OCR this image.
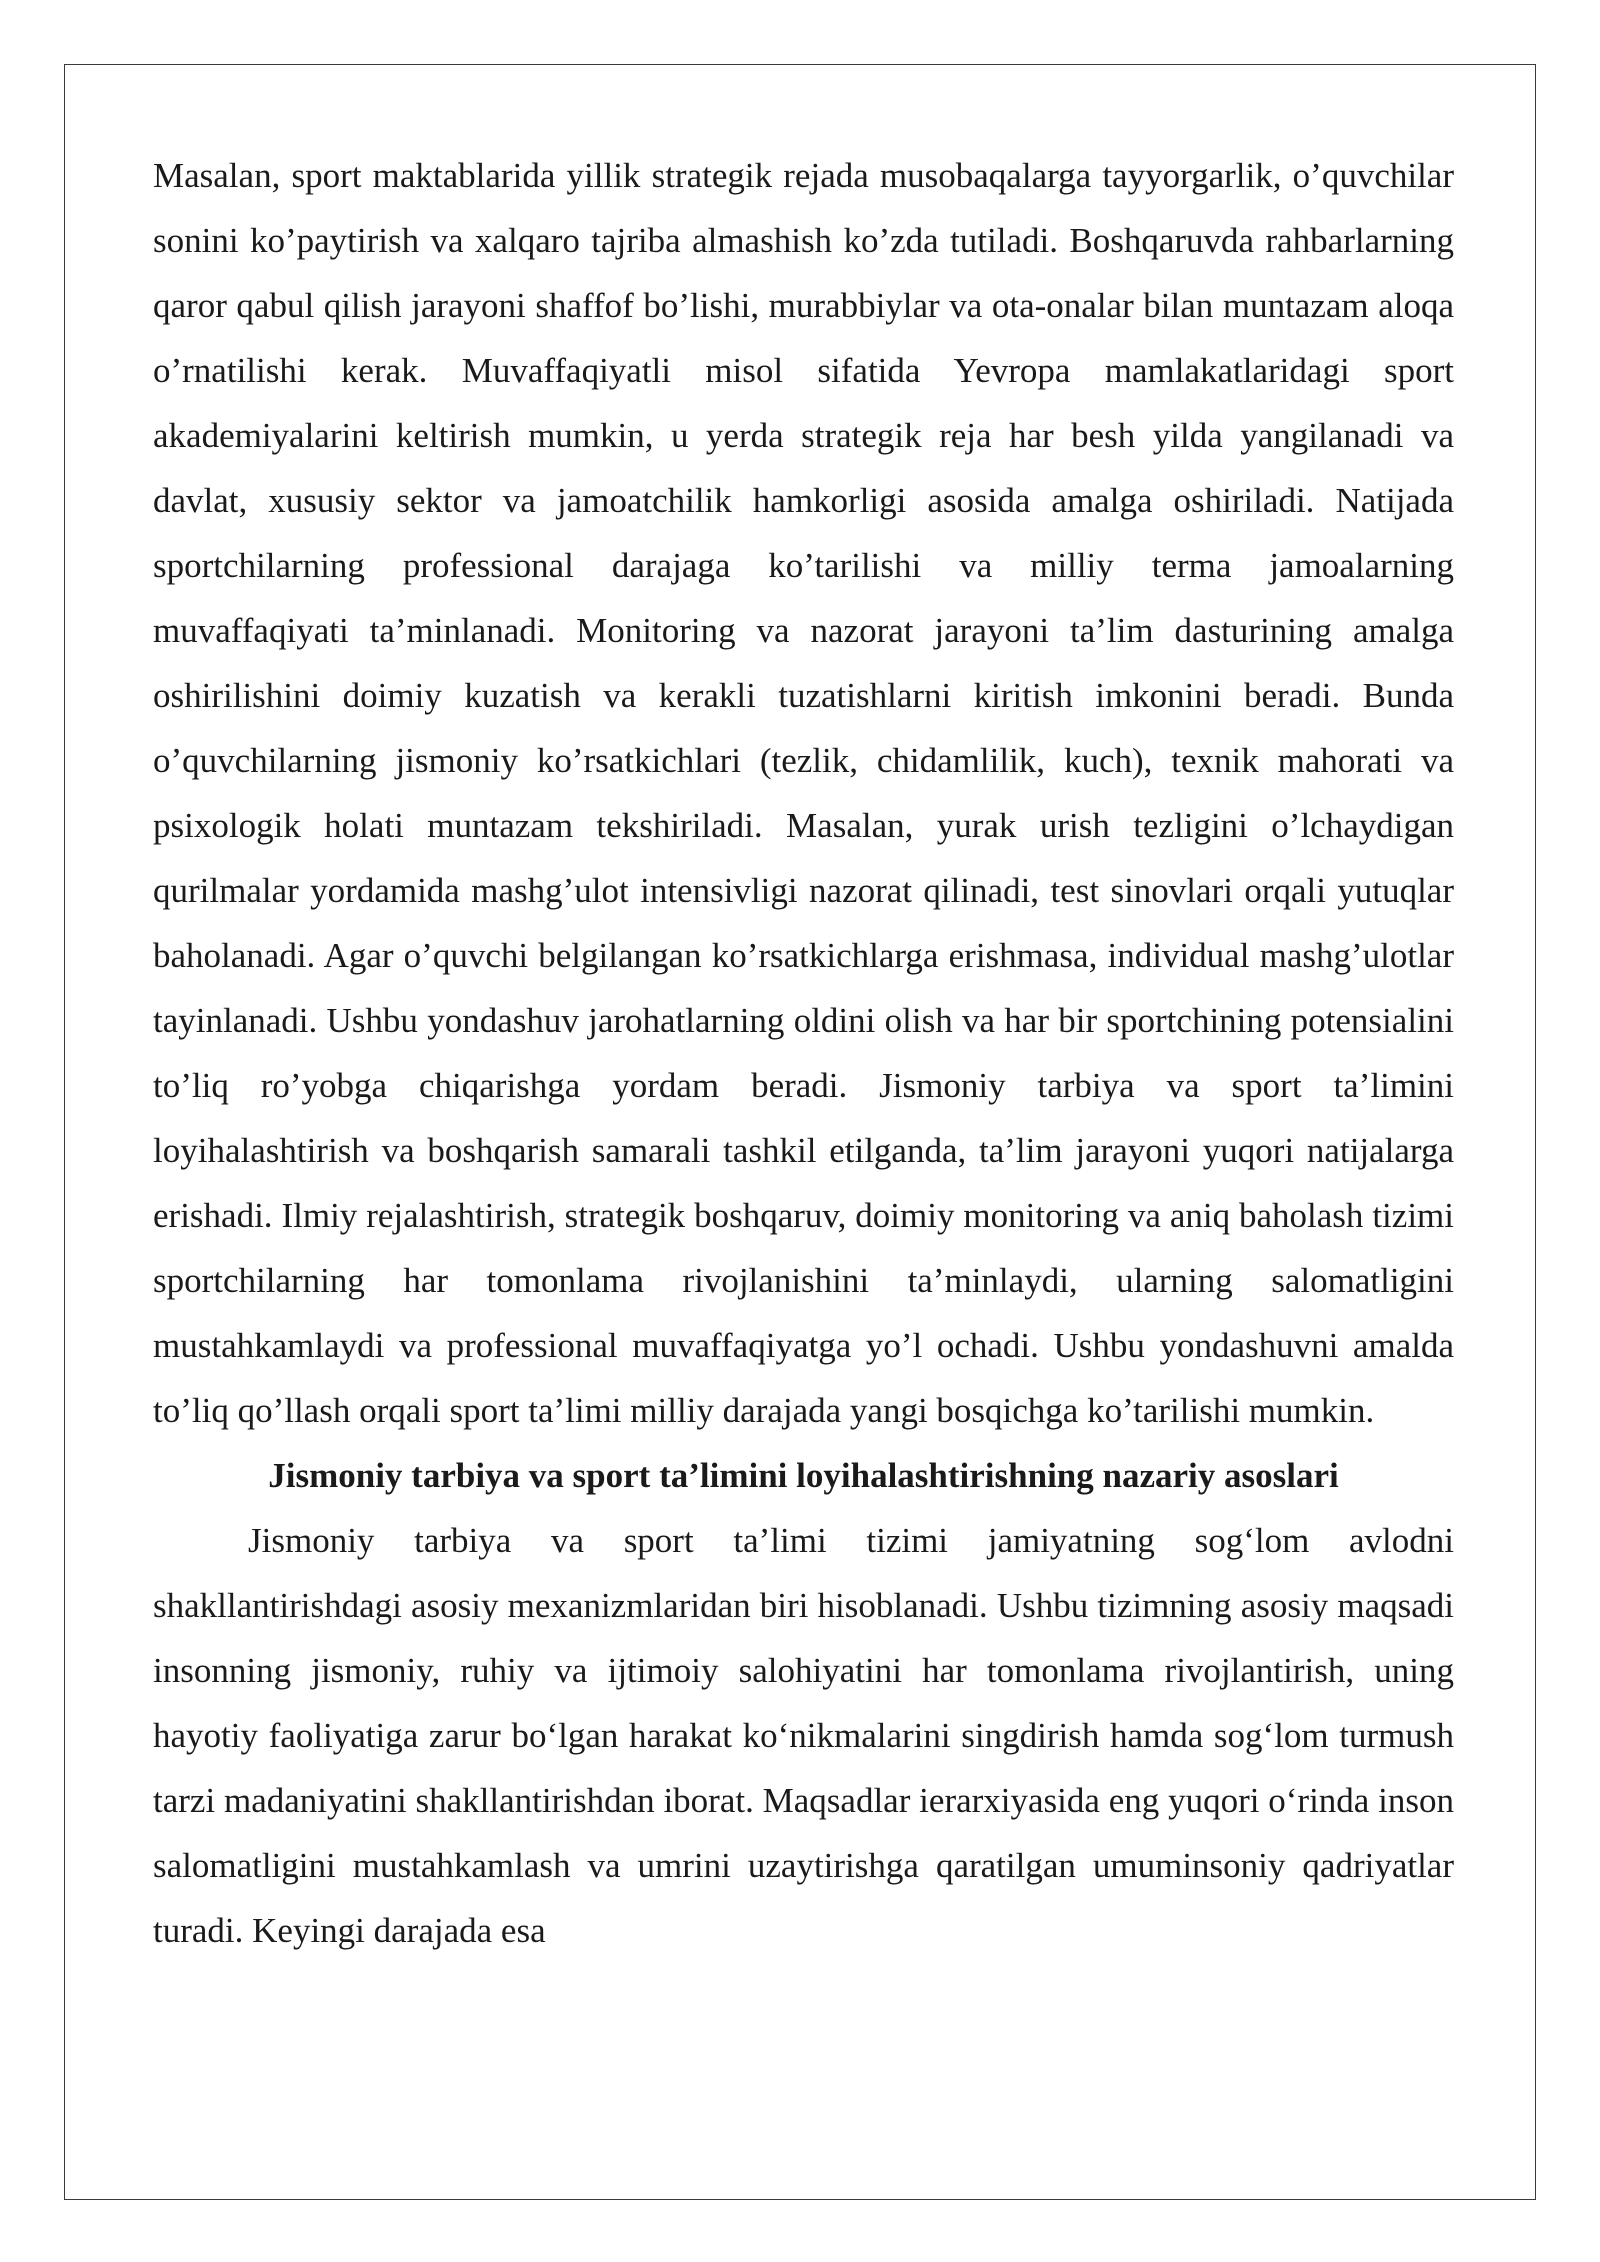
Masalan, sport maktablarida yillik strategik rejada musobaqalarga tayyorgarlik, o’quvchilar sonini ko’paytirish va xalqaro tajriba almashish ko’zda tutiladi. Boshqaruvda rahbarlarning qaror qabul qilish jarayoni shaffof bo’lishi, murabbiylar va ota-onalar bilan muntazam aloqa o’rnatilishi kerak. Muvaffaqiyatli misol sifatida Yevropa mamlakatlaridagi sport akademiyalarini keltirish mumkin, u yerda strategik reja har besh yilda yangilanadi va davlat, xususiy sektor va jamoatchilik hamkorligi asosida amalga oshiriladi. Natijada sportchilarning professional darajaga ko’tarilishi va milliy terma jamoalarning muvaffaqiyati ta’minlanadi. Monitoring va nazorat jarayoni ta’lim dasturining amalga oshirilishini doimiy kuzatish va kerakli tuzatishlarni kiritish imkonini beradi. Bunda o’quvchilarning jismoniy ko’rsatkichlari (tezlik, chidamlilik, kuch), texnik mahorati va psixologik holati muntazam tekshiriladi. Masalan, yurak urish tezligini o’lchaydigan qurilmalar yordamida mashg’ulot intensivligi nazorat qilinadi, test sinovlari orqali yutuqlar baholanadi. Agar o’quvchi belgilangan ko’rsatkichlarga erishmasa, individual mashg’ulotlar tayinlanadi. Ushbu yondashuv jarohatlarning oldini olish va har bir sportchining potensialini to’liq ro’yobga chiqarishga yordam beradi. Jismoniy tarbiya va sport ta’limini loyihalashtirish va boshqarish samarali tashkil etilganda, ta’lim jarayoni yuqori natijalarga erishadi. Ilmiy rejalashtirish, strategik boshqaruv, doimiy monitoring va aniq baholash tizimi sportchilarning har tomonlama rivojlanishini ta’minlaydi, ularning salomatligini mustahkamlaydi va professional muvaffaqiyatga yo’l ochadi. Ushbu yondashuvni amalda to’liq qo’llash orqali sport ta’limi milliy darajada yangi bosqichga ko’tarilishi mumkin.

Jismoniy tarbiya va sport ta’limini loyihalashtirishning nazariy asoslari

Jismoniy tarbiya va sport ta’limi tizimi jamiyatning sog‘lom avlodni shakllantirishdagi asosiy mexanizmlaridan biri hisoblanadi. Ushbu tizimning asosiy maqsadi insonning jismoniy, ruhiy va ijtimoiy salohiyatini har tomonlama rivojlantirish, uning hayotiy faoliyatiga zarur bo‘lgan harakat ko‘nikmalarini singdirish hamda sog‘lom turmush tarzi madaniyatini shakllantirishdan iborat. Maqsadlar ierarxiyasida eng yuqori o‘rinda inson salomatligini mustahkamlash va umrini uzaytirishga qaratilgan umuminsoniy qadriyatlar turadi. Keyingi darajada esa
